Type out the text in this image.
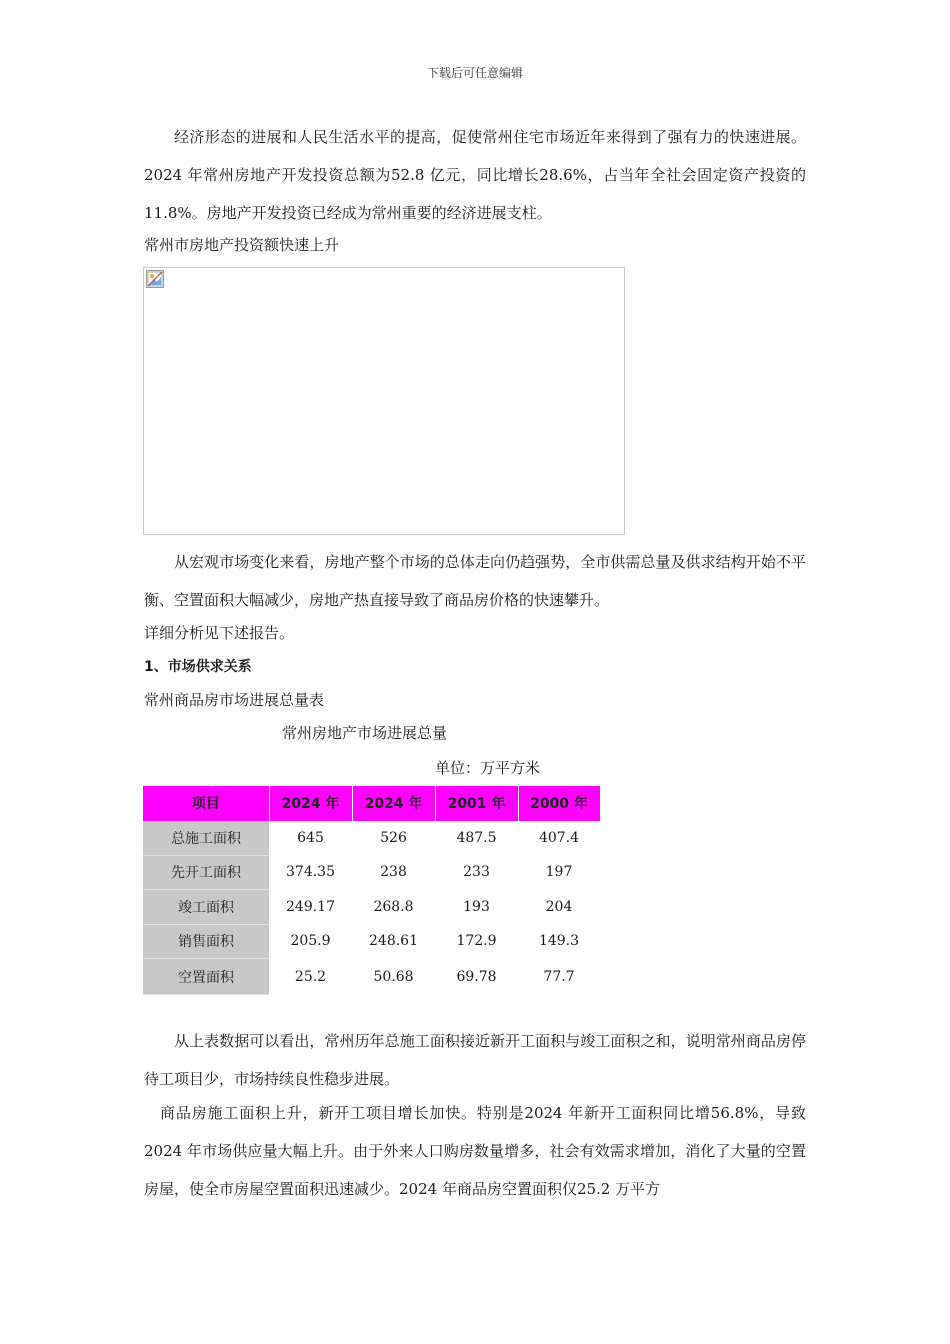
下载后可任意编辑
经济形态的进展和人民生活水平的提高，促使常州住宅市场近年来得到了强有力的快速进展。2024 年常州房地产开发投资总额为52.8 亿元，同比增长28.6%，占当年全社会固定资产投资的11.8%。房地产开发投资已经成为常州重要的经济进展支柱。
常州市房地产投资额快速上升
从宏观市场变化来看，房地产整个市场的总体走向仍趋强势，全市供需总量及供求结构开始不平衡、空置面积大幅减少，房地产热直接导致了商品房价格的快速攀升。
详细分析见下述报告。
1、市场供求关系
常州商品房市场进展总量表
常州房地产市场进展总量
单位：万平方米
项目	2024 年	2024 年	2001 年	2000 年
总施工面积	645	526	487.5	407.4
先开工面积	374.35	238	233	197
竣工面积	249.17	268.8	193	204
销售面积	205.9	248.61	172.9	149.3
空置面积	25.2	50.68	69.78	77.7
从上表数据可以看出，常州历年总施工面积接近新开工面积与竣工面积之和，说明常州商品房停待工项目少，市场持续良性稳步进展。
商品房施工面积上升，新开工项目增长加快。特别是2024 年新开工面积同比增56.8%，导致2024 年市场供应量大幅上升。由于外来人口购房数量增多，社会有效需求增加，消化了大量的空置房屋，使全市房屋空置面积迅速减少。2024 年商品房空置面积仅25.2 万平方
